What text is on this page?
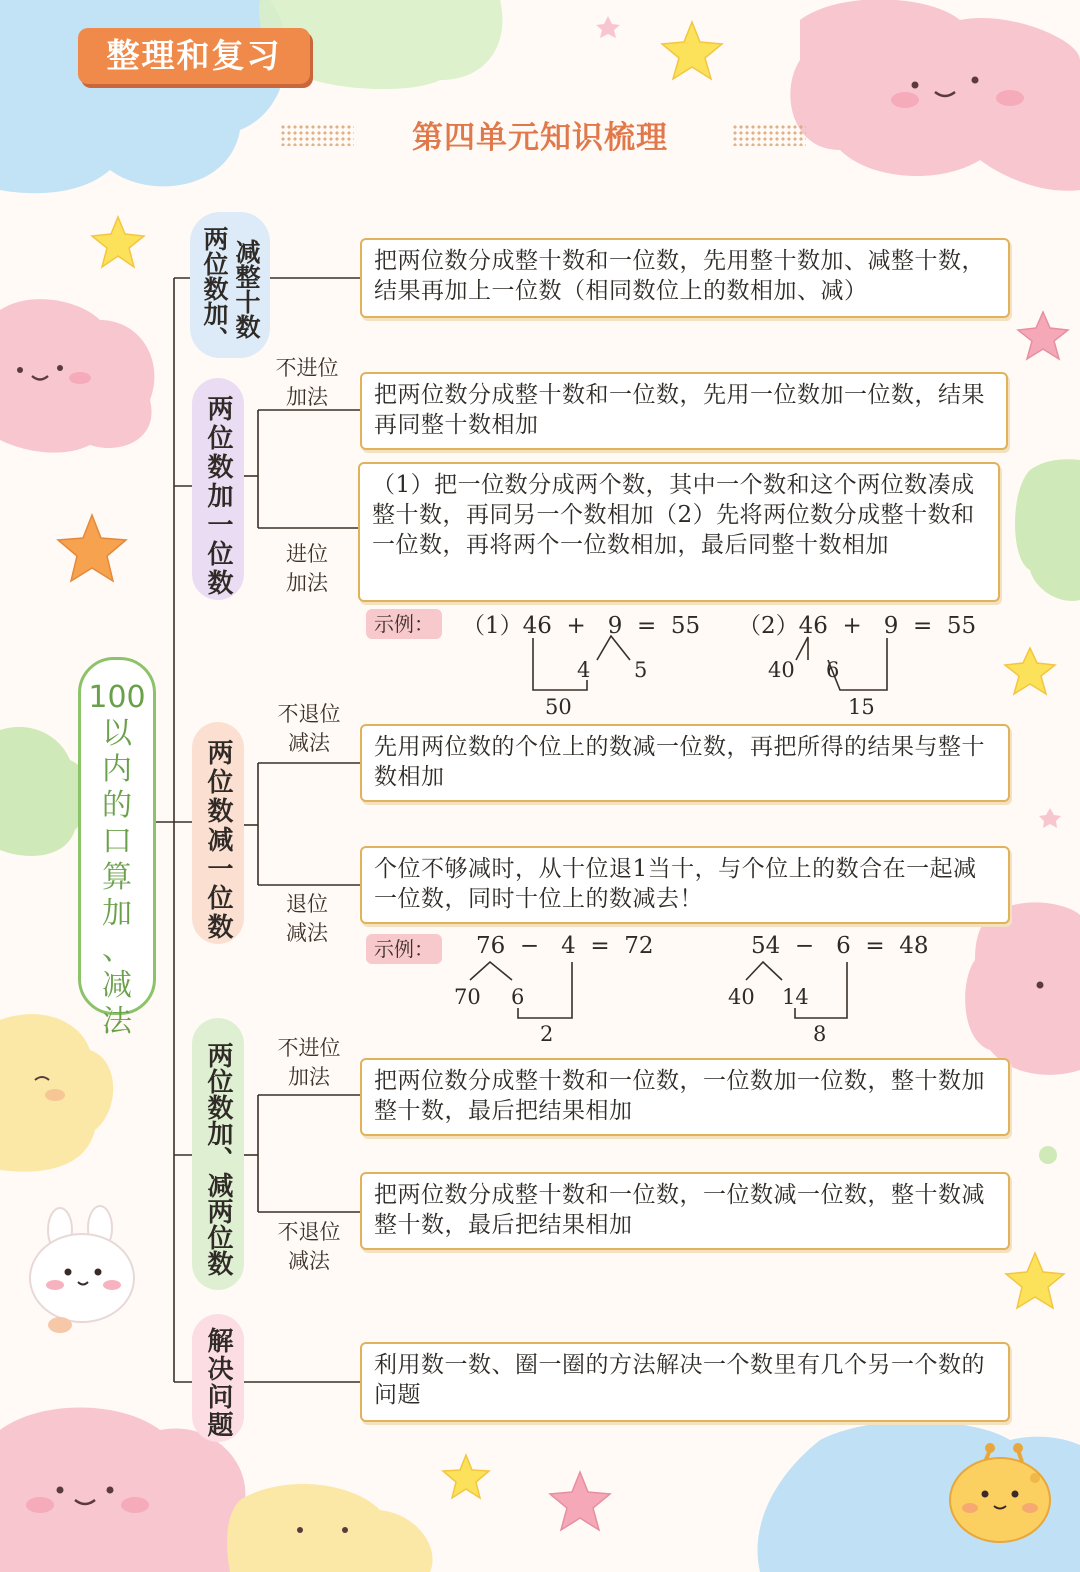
整理和复习
第四单元知识梳理
100
以
内
的
口
算
加
、
减
法
减整十数
两位数加、	把两位数分成整十数和一位数，先用整十数加、减整十数，结果再加上一位数（相同数位上的数相加、减）
两位数加一位数
不进位
加法	把两位数分成整十数和一位数，先用一位数加一位数，结果再同整十数相加
进位
加法
（1）把一位数分成两个数，其中一个数和这个两位数凑成整十数，再同另一个数相加（2）先将两位数分成整十数和一位数，再将两个一位数相加，最后同整十数相加
示例：	（1）46 + 9  =  55
4 5
50
（2）46 + 9  =  55
40 6
15
两位数减一位数
不退位
减法	先用两位数的个位上的数减一位数，再把所得的结果与整十数相加
退位
减法
个位不够减时，从十位退1当十，与个位上的数合在一起减一位数，同时十位上的数减去！
示例：	76 − 4  =  72
70 6
2
54 − 6  =  48
40 14
8
两位数加、减两位数	不进位
加法	把两位数分成整十数和一位数，一位数加一位数，整十数加整十数，最后把结果相加
不退位
减法
把两位数分成整十数和一位数，一位数减一位数，整十数减整十数，最后把结果相加
解决问题	利用数一数、圈一圈的方法解决一个数里有几个另一个数的问题
